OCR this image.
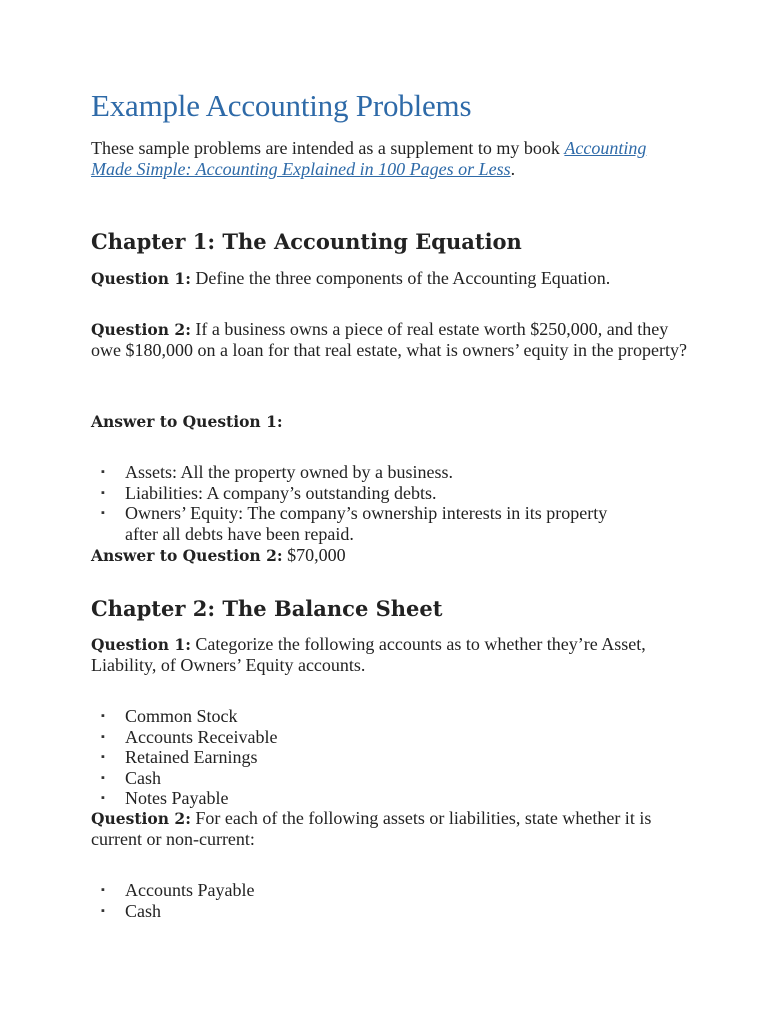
Example Accounting Problems

These sample problems are intended as a supplement to my book Accounting Made Simple: Accounting Explained in 100 Pages or Less.

Chapter 1: The Accounting Equation

Question 1: Define the three components of the Accounting Equation.

Question 2: If a business owns a piece of real estate worth $250,000, and they owe $180,000 on a loan for that real estate, what is owners’ equity in the property?

Answer to Question 1:

▪ Assets: All the property owned by a business.
▪ Liabilities: A company’s outstanding debts.
▪ Owners’ Equity: The company’s ownership interests in its property after all debts have been repaid.

Answer to Question 2: $70,000

Chapter 2: The Balance Sheet

Question 1: Categorize the following accounts as to whether they’re Asset, Liability, of Owners’ Equity accounts.

▪ Common Stock
▪ Accounts Receivable
▪ Retained Earnings
▪ Cash
▪ Notes Payable

Question 2: For each of the following assets or liabilities, state whether it is current or non-current:

▪ Accounts Payable
▪ Cash
